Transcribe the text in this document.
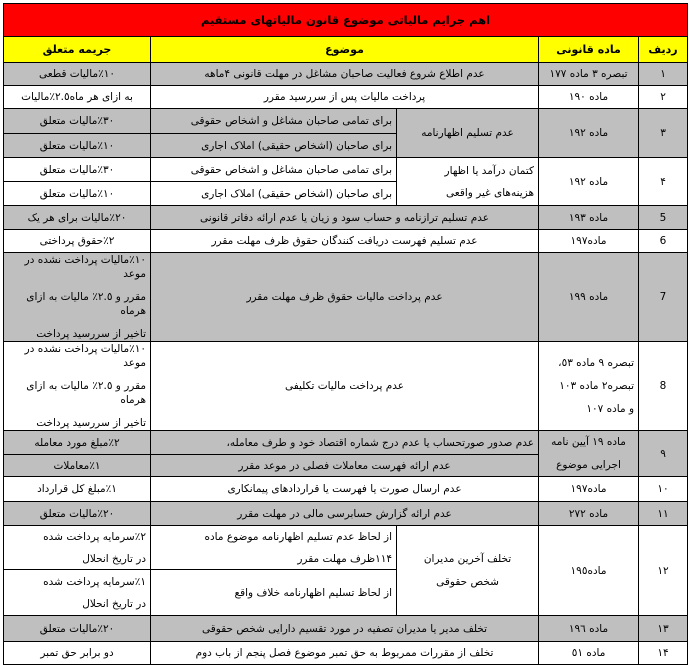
اهم جرایم مالیاتی موضوع قانون مالیاتهای مستقیم				
ردیف	ماده قانونی	موضوع		جریمه متعلق
١	تبصره ٣ ماده ١٧٧	عدم اطلاع شروع فعالیت صاحبان مشاغل در مهلت قانونی ۴ماهه		١٠٪مالیات قطعی
٢	ماده ١٩٠	پرداخت مالیات پس از سررسید مقرر		به ازای هر ماه٢.٥٪مالیات
٣	ماده ١٩٢	عدم تسلیم اظهارنامه	برای تمامی صاحبان مشاغل و اشخاص حقوقی	٣٠٪مالیات متعلق
			برای صاحبان (اشخاص حقیقی) املاک اجاری	١٠٪مالیات متعلق
۴	ماده ١٩٢	کتمان درآمد یا اظهار
هزینه‌های غیر واقعی	برای تمامی صاحبان مشاغل و اشخاص حقوقی	٣٠٪مالیات متعلق
			برای صاحبان (اشخاص حقیقی) املاک اجاری	١٠٪مالیات متعلق
5	ماده ١٩٣	عدم تسلیم ترازنامه و حساب سود و زیان یا عدم ارائه دفاتر قانونی		٢٠٪مالیات برای هر یک
6	ماده١٩٧	عدم تسلیم فهرست دریافت کنندگان حقوق ظرف مهلت مقرر		٢٪حقوق پرداختی
7	ماده ١٩٩	عدم پرداخت مالیات حقوق ظرف مهلت مقرر		١٠٪مالیات پرداخت نشده در موعد
مقرر و ٢.٥٪ مالیات به ازای هرماه
تاخیر از سررسید پرداخت

8	تبصره ٩ ماده ٥٣،
تبصره٢ ماده ١٠٣
و ماده ١٠٧	عدم پرداخت مالیات تکلیفی		١٠٪مالیات پرداخت نشده در موعد
مقرر و ٢.٥٪ مالیات به ازای هرماه
تاخیر از سررسید پرداخت

٩	ماده ١٩ آیین نامه
اجرایی موضوع	عدم صدور صورتحساب یا عدم درج شماره اقتصاد خود و طرف معامله،		٢٪مبلغ مورد معامله
		عدم ارائه فهرست معاملات فصلی در موعد مقرر		١٪معاملات
١٠	ماده١٩٧	عدم ارسال صورت یا فهرست یا قراردادهای پیمانکاری		١٪مبلغ کل قرارداد
١١	ماده ٢٧٢	عدم ارائه گزارش حسابرسی مالی در مهلت مقرر		٢٠٪مالیات متعلق
١٢	ماده١٩٥	تخلف آخرین مدیران
شخص حقوقی	از لحاظ عدم تسلیم اظهارنامه موضوع ماده
١١۴ظرف مهلت مقرر	٢٪سرمایه پرداخت شده
در تاریخ انحلال

			از لحاظ تسلیم اظهارنامه خلاف واقع	١٪سرمایه پرداخت شده
در تاریخ انحلال

١٣	ماده ١٩٦	تخلف مدیر یا مدیران تصفیه در مورد تقسیم دارایی شخص حقوقی		٢٠٪مالیات متعلق
١۴	ماده ٥١	تخلف از مقررات ممربوط به حق تمبر موضوع فصل پنجم از باب دوم		دو برابر حق تمبر
